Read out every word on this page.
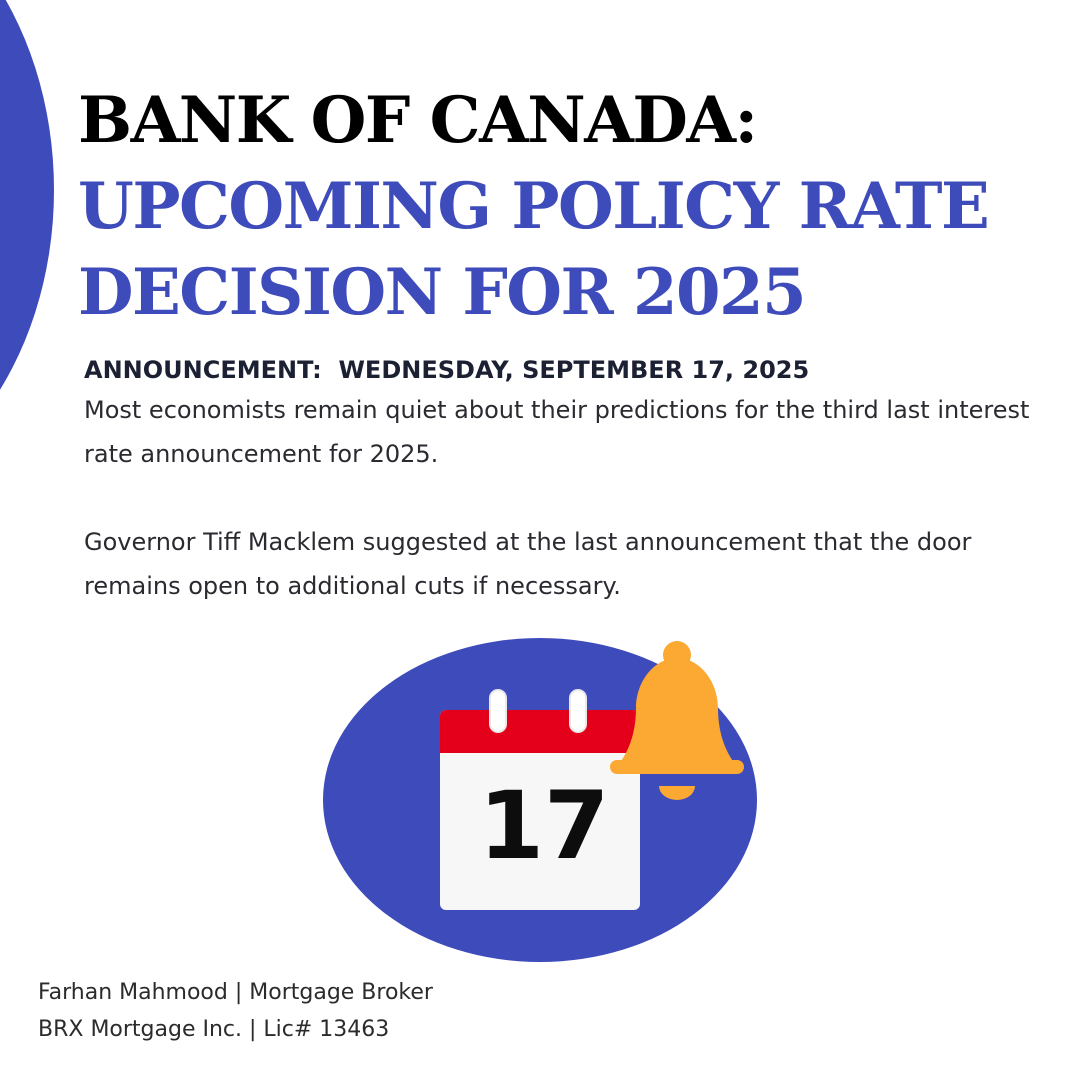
BANK OF CANADA:
UPCOMING POLICY RATE
DECISION FOR 2025
ANNOUNCEMENT:  WEDNESDAY, SEPTEMBER 17, 2025
Most economists remain quiet about their predictions for the third last interest rate announcement for 2025.
Governor Tiff Macklem suggested at the last announcement that the door remains open to additional cuts if necessary.
17
Farhan Mahmood | Mortgage Broker
BRX Mortgage Inc. | Lic# 13463
